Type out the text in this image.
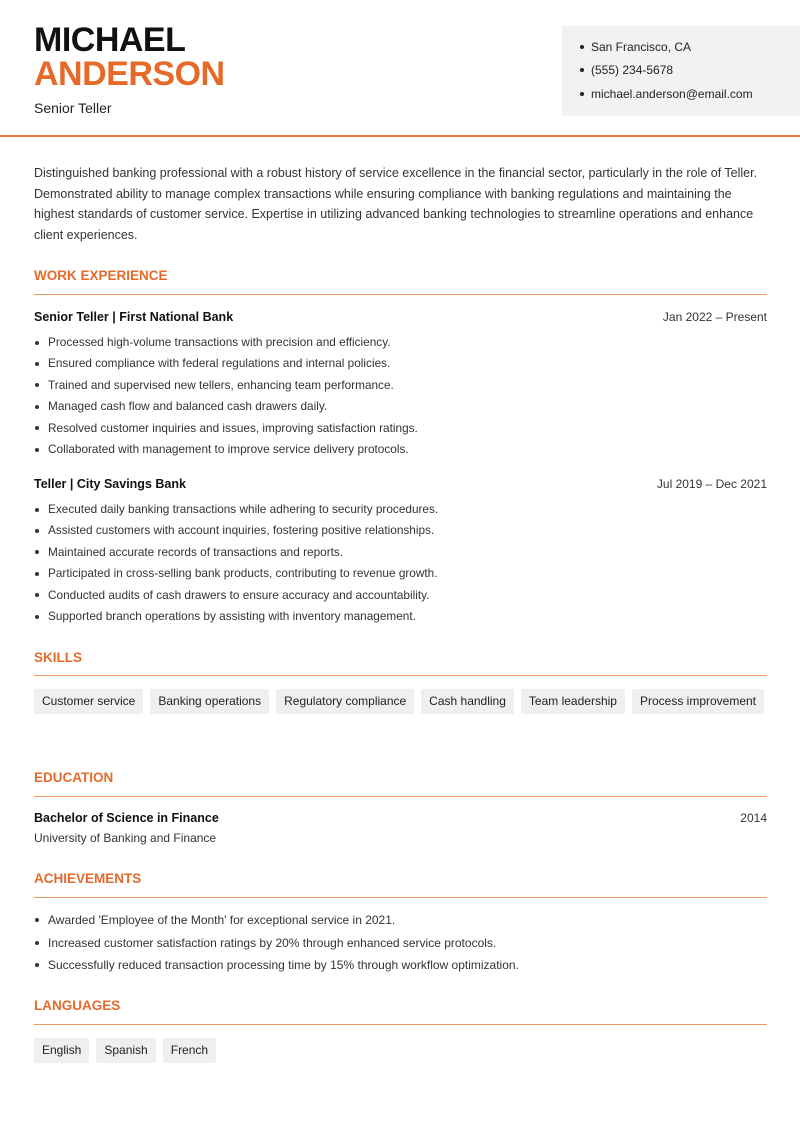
MICHAEL
ANDERSON
Senior Teller
San Francisco, CA
(555) 234-5678
michael.anderson@email.com
Distinguished banking professional with a robust history of service excellence in the financial sector, particularly in the role of Teller. Demonstrated ability to manage complex transactions while ensuring compliance with banking regulations and maintaining the highest standards of customer service. Expertise in utilizing advanced banking technologies to streamline operations and enhance client experiences.
WORK EXPERIENCE
Senior Teller | First National Bank	Jan 2022 – Present
Processed high-volume transactions with precision and efficiency.
Ensured compliance with federal regulations and internal policies.
Trained and supervised new tellers, enhancing team performance.
Managed cash flow and balanced cash drawers daily.
Resolved customer inquiries and issues, improving satisfaction ratings.
Collaborated with management to improve service delivery protocols.
Teller | City Savings Bank	Jul 2019 – Dec 2021
Executed daily banking transactions while adhering to security procedures.
Assisted customers with account inquiries, fostering positive relationships.
Maintained accurate records of transactions and reports.
Participated in cross-selling bank products, contributing to revenue growth.
Conducted audits of cash drawers to ensure accuracy and accountability.
Supported branch operations by assisting with inventory management.
SKILLS
Customer service	Banking operations	Regulatory compliance	Cash handling	Team leadership	Process improvement
EDUCATION
Bachelor of Science in Finance	2014
University of Banking and Finance
ACHIEVEMENTS
Awarded 'Employee of the Month' for exceptional service in 2021.
Increased customer satisfaction ratings by 20% through enhanced service protocols.
Successfully reduced transaction processing time by 15% through workflow optimization.
LANGUAGES
English	Spanish	French
